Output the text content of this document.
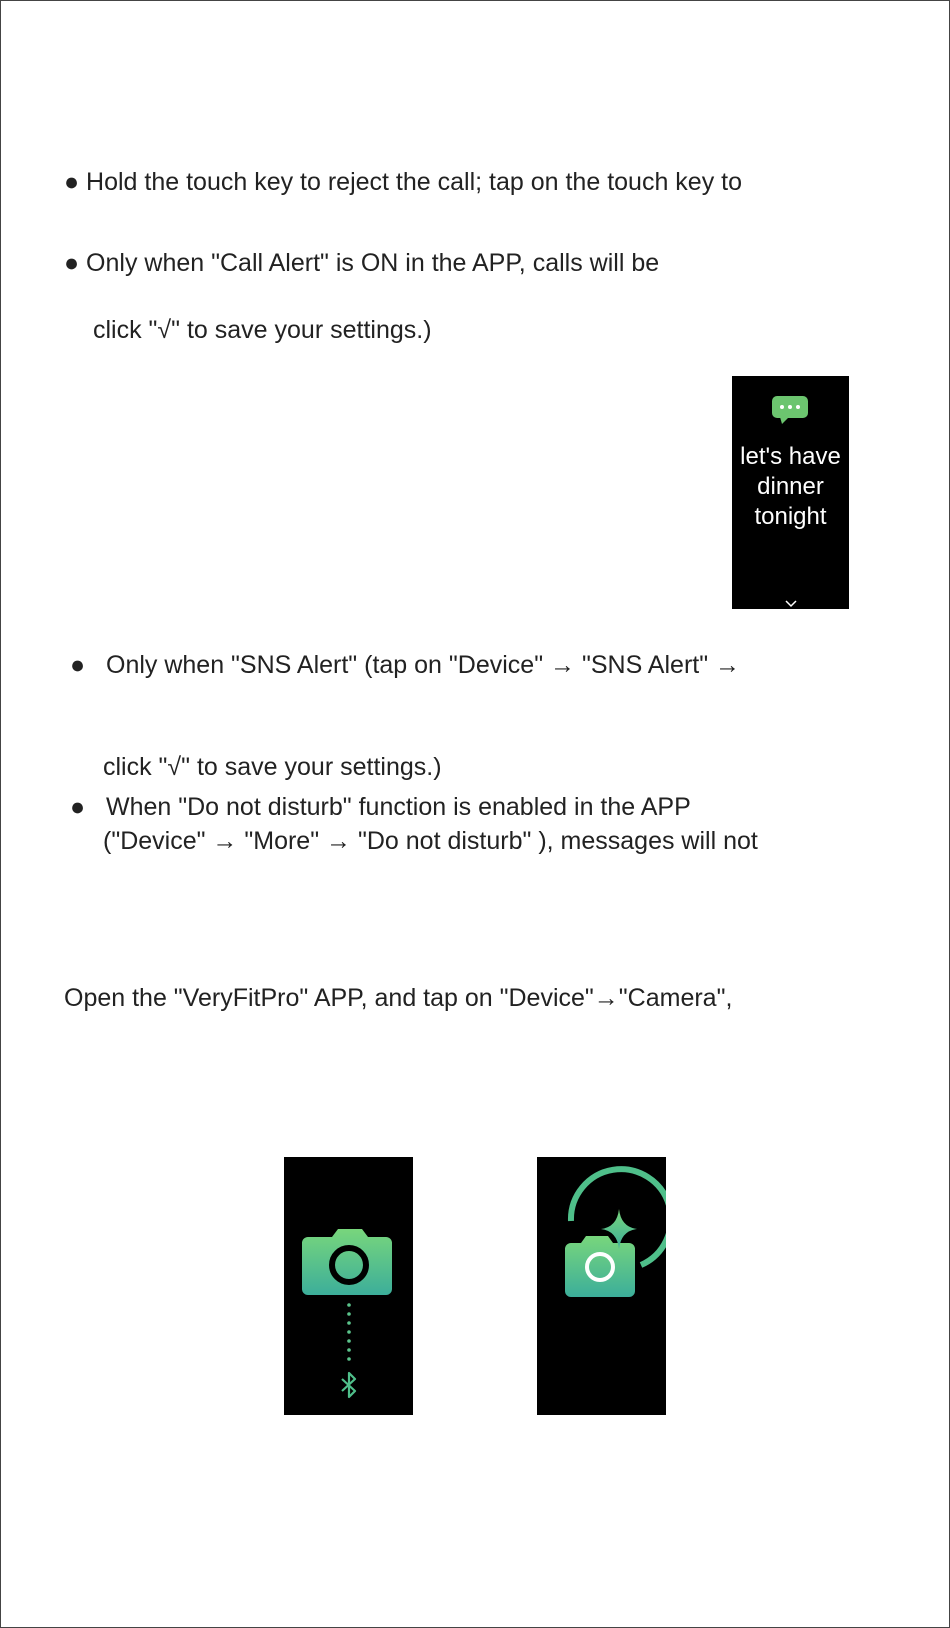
● Hold the touch key to reject the call; tap on the touch key to
● Only when "Call Alert" is ON in the APP, calls will be
click "√" to save your settings.)
let's have dinner tonight
● Only when "SNS Alert" (tap on "Device" → "SNS Alert" →
click "√" to save your settings.)
● When "Do not disturb" function is enabled in the APP
("Device" → "More" → "Do not disturb" ), messages will not
Open the "VeryFitPro" APP, and tap on "Device"→"Camera",
